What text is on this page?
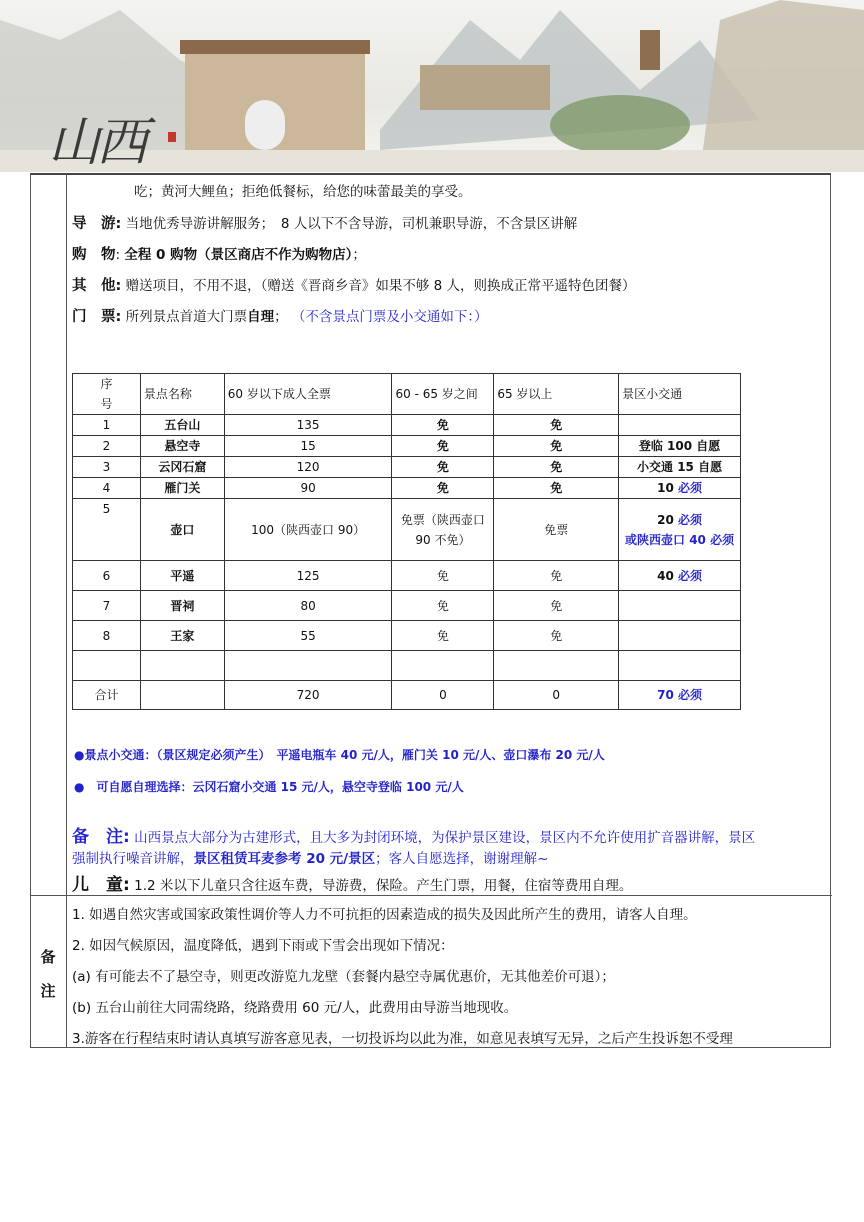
山西
吃；黄河大鲤鱼；拒绝低餐标，给您的味蕾最美的享受。
导　游: 当地优秀导游讲解服务；　8 人以下不含导游，司机兼职导游，不含景区讲解
购　物: 全程 0 购物（景区商店不作为购物店）；
其　他: 赠送项目，不用不退，（赠送《晋商乡音》如果不够 8 人，则换成正常平遥特色团餐）
门　票: 所列景点首道大门票自理； （不含景点门票及小交通如下：）
序
号	景点名称	60 岁以下成人全票	60 - 65 岁之间	65 岁以上	景区小交通
1	五台山	135	免	免	
2	悬空寺	15	免	免	登临 100 自愿
3	云冈石窟	120	免	免	小交通 15 自愿
4	雁门关	90	免	免	10 必须
5	壶口	100（陕西壶口 90）	免票（陕西壶口 90 不免）	免票	20 必须
或陕西壶口 40 必须
6	平遥	125	免	免	40 必须
7	晋祠	80	免	免	
8	王家	55	免	免	

合计		720	0	0	70 必须
●景点小交通：（景区规定必须产生）　平遥电瓶车 40 元/人，雁门关 10 元/人、壶口瀑布 20 元/人
●　可自愿自理选择：云冈石窟小交通 15 元/人，悬空寺登临 100 元/人
备　注: 山西景点大部分为古建形式，且大多为封闭环境，为保护景区建设，景区内不允许使用扩音器讲解，景区
强制执行噪音讲解，景区租赁耳麦参考 20 元/景区；客人自愿选择，谢谢理解~
儿　童: 1.2 米以下儿童只含往返车费，导游费，保险。产生门票，用餐，住宿等费用自理。
备
注
1. 如遇自然灾害或国家政策性调价等人力不可抗拒的因素造成的损失及因此所产生的费用，请客人自理。
2. 如因气候原因，温度降低，遇到下雨或下雪会出现如下情况：
(a) 有可能去不了悬空寺，则更改游览九龙壁（套餐内悬空寺属优惠价，无其他差价可退）；
(b) 五台山前往大同需绕路，绕路费用 60 元/人，此费用由导游当地现收。
3.游客在行程结束时请认真填写游客意见表，一切投诉均以此为准，如意见表填写无异，之后产生投诉恕不受理
